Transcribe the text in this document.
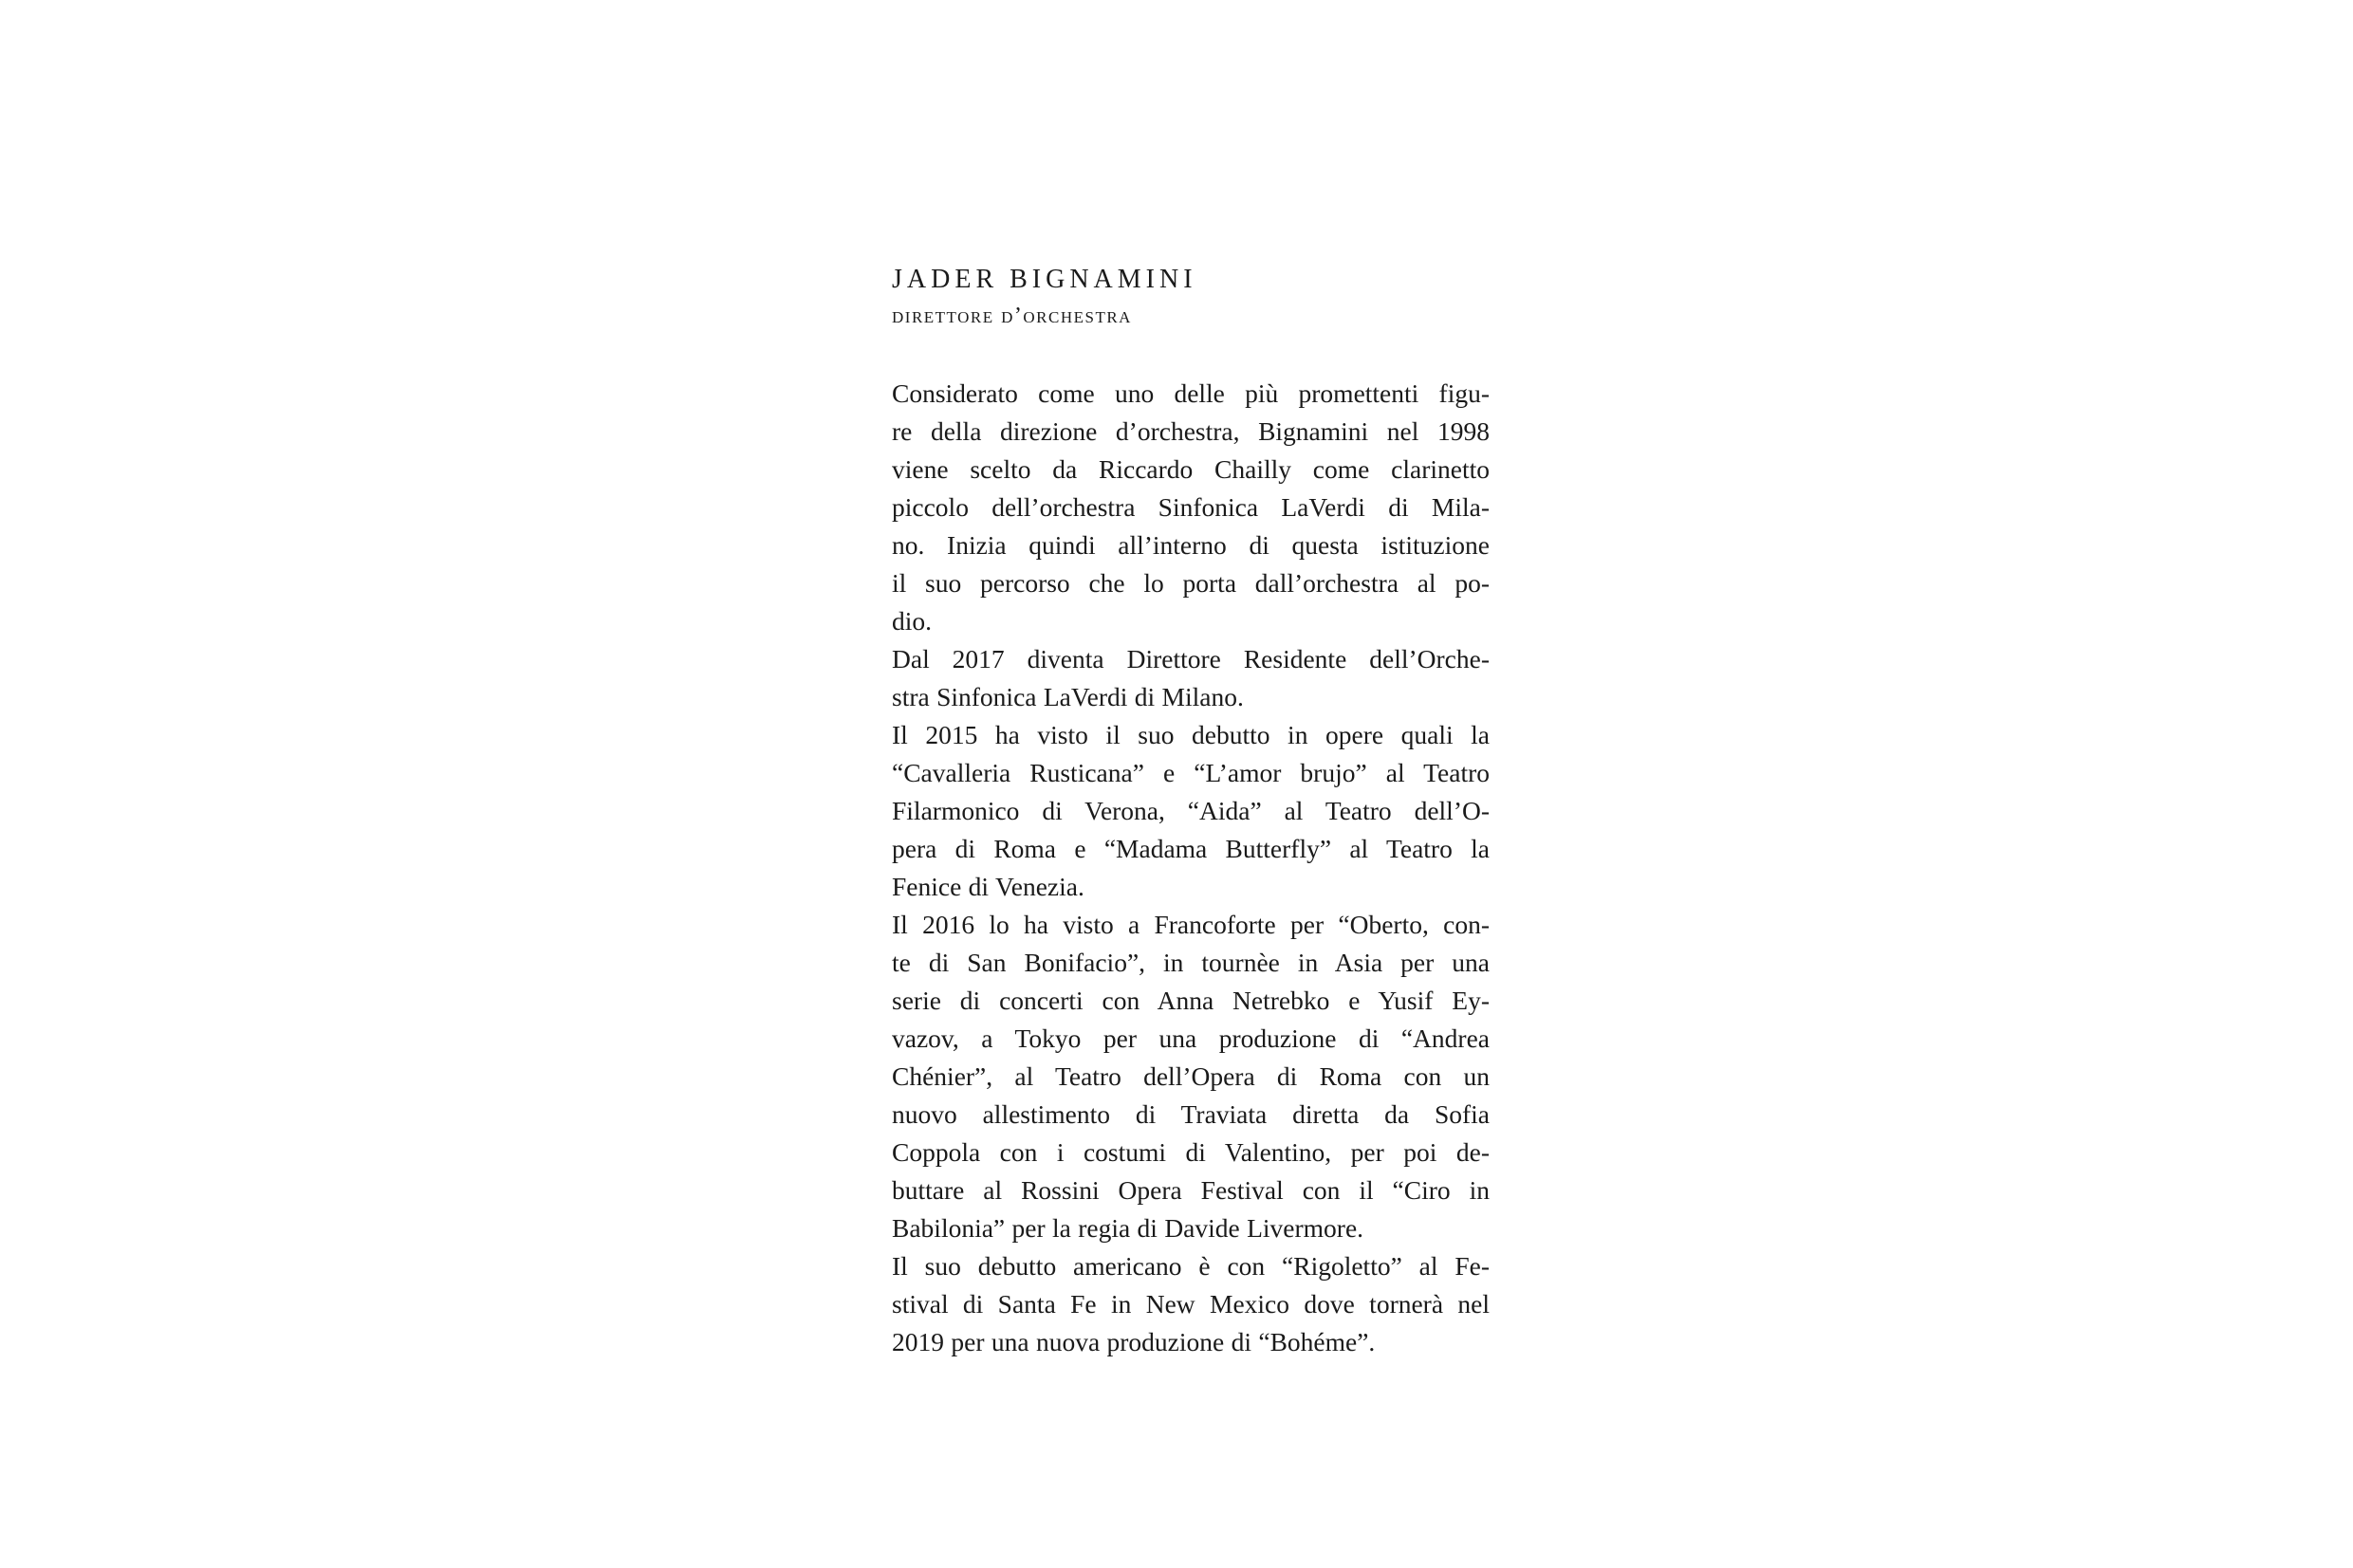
JADER BIGNAMINI
direttore d’orchestra

Considerato come uno delle più promettenti figu-
re della direzione d’orchestra, Bignamini nel 1998
viene scelto da Riccardo Chailly come clarinetto
piccolo dell’orchestra Sinfonica LaVerdi di Mila-
no. Inizia quindi all’interno di questa istituzione
il suo percorso che lo porta dall’orchestra al po-
dio.

Dal 2017 diventa Direttore Residente dell’Orche-
stra Sinfonica LaVerdi di Milano.

Il 2015 ha visto il suo debutto in opere quali la
“Cavalleria Rusticana” e “L’amor brujo” al Teatro
Filarmonico di Verona, “Aida” al Teatro dell’O-
pera di Roma e “Madama Butterfly” al Teatro la
Fenice di Venezia.

Il 2016 lo ha visto a Francoforte per “Oberto, con-
te di San Bonifacio”, in tournèe in Asia per una
serie di concerti con Anna Netrebko e Yusif Ey-
vazov, a Tokyo per una produzione di “Andrea
Chénier”, al Teatro dell’Opera di Roma con un
nuovo allestimento di Traviata diretta da Sofia
Coppola con i costumi di Valentino, per poi de-
buttare al Rossini Opera Festival con il “Ciro in
Babilonia” per la regia di Davide Livermore.

Il suo debutto americano è con “Rigoletto” al Fe-
stival di Santa Fe in New Mexico dove tornerà nel
2019 per una nuova produzione di “Bohéme”.
